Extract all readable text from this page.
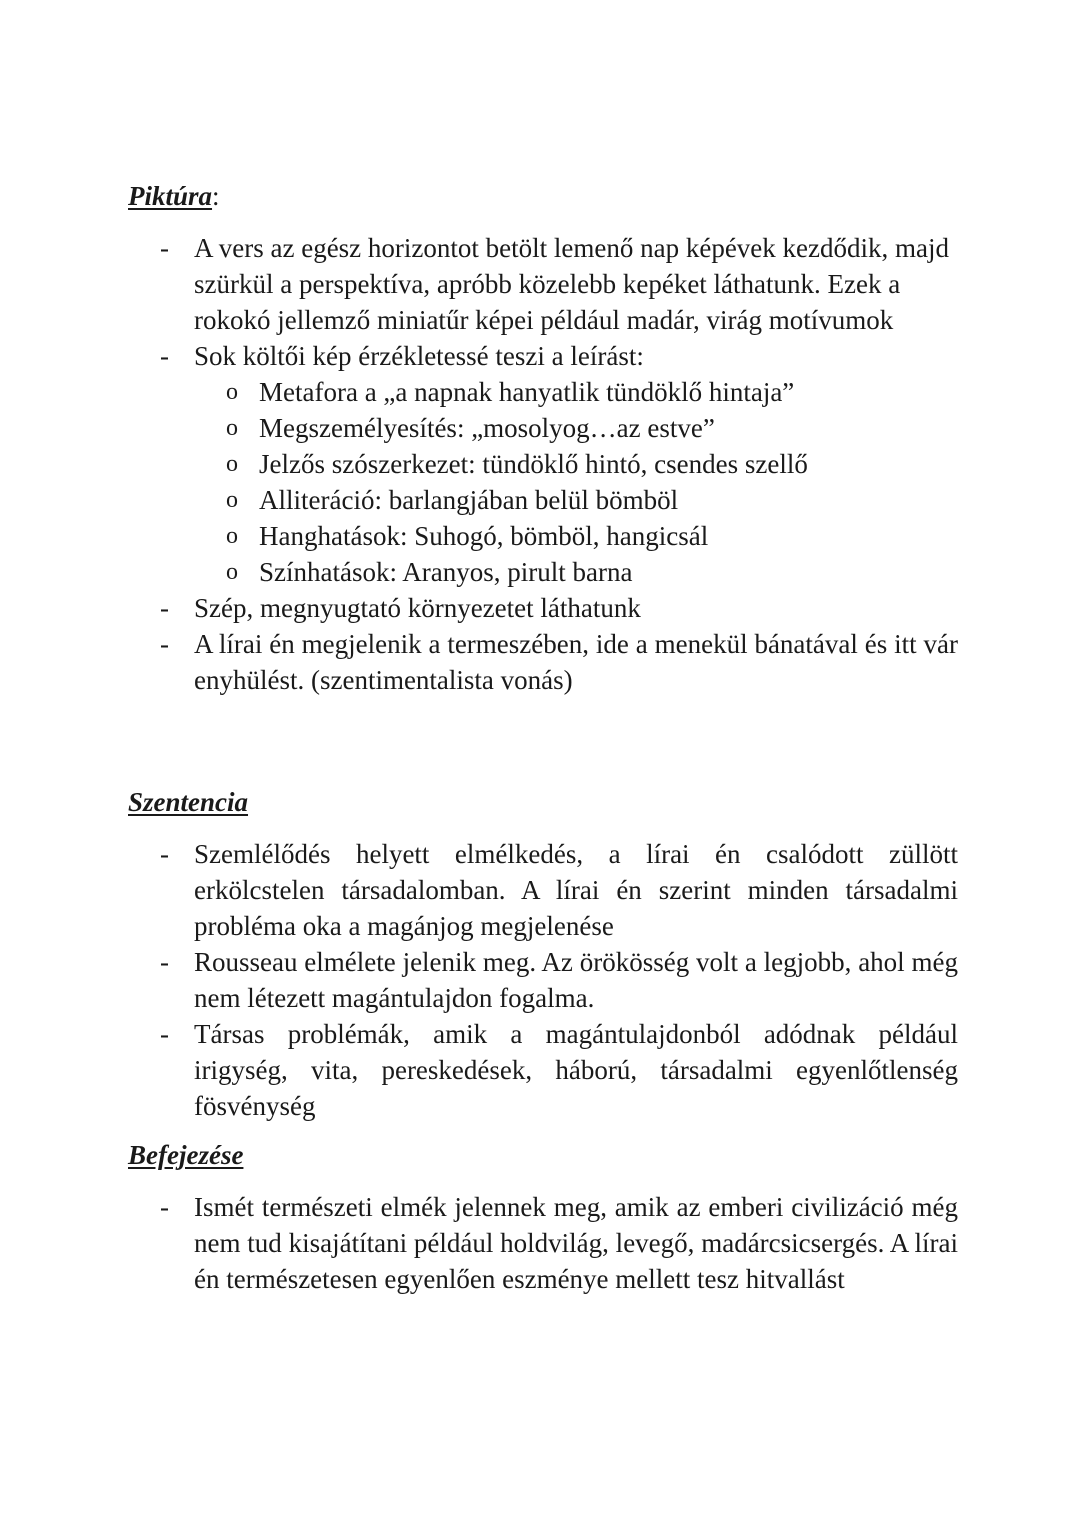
Piktúra:
- A vers az egész horizontot betölt lemenő nap képévek kezdődik, majd szürkül a perspektíva, apróbb közelebb kepéket láthatunk. Ezek a rokokó jellemző miniatűr képei például madár, virág motívumok
- Sok költői kép érzékletessé teszi a leírást:
o Metafora a „a napnak hanyatlik tündöklő hintaja”
o Megszemélyesítés: „mosolyog…az estve”
o Jelzős szószerkezet: tündöklő hintó, csendes szellő
o Alliteráció: barlangjában belül bömböl
o Hanghatások: Suhogó, bömböl, hangicsál
o Színhatások: Aranyos, pirult barna
- Szép, megnyugtató környezetet láthatunk
- A lírai én megjelenik a termeszében, ide a menekül bánatával és itt vár enyhülést. (szentimentalista vonás)
Szentencia
- Szemlélődés helyett elmélkedés, a lírai én csalódott züllött erkölcstelen társadalomban. A lírai én szerint minden társadalmi probléma oka a magánjog megjelenése
- Rousseau elmélete jelenik meg. Az örökösség volt a legjobb, ahol még nem létezett magántulajdon fogalma.
- Társas problémák, amik a magántulajdonból adódnak például irigység, vita, pereskedések, háború, társadalmi egyenlőtlenség fösvénység
Befejezése
- Ismét természeti elmék jelennek meg, amik az emberi civilizáció még nem tud kisajátítani például holdvilág, levegő, madárcsicsergés. A lírai én természetesen egyenlően eszménye mellett tesz hitvallást
